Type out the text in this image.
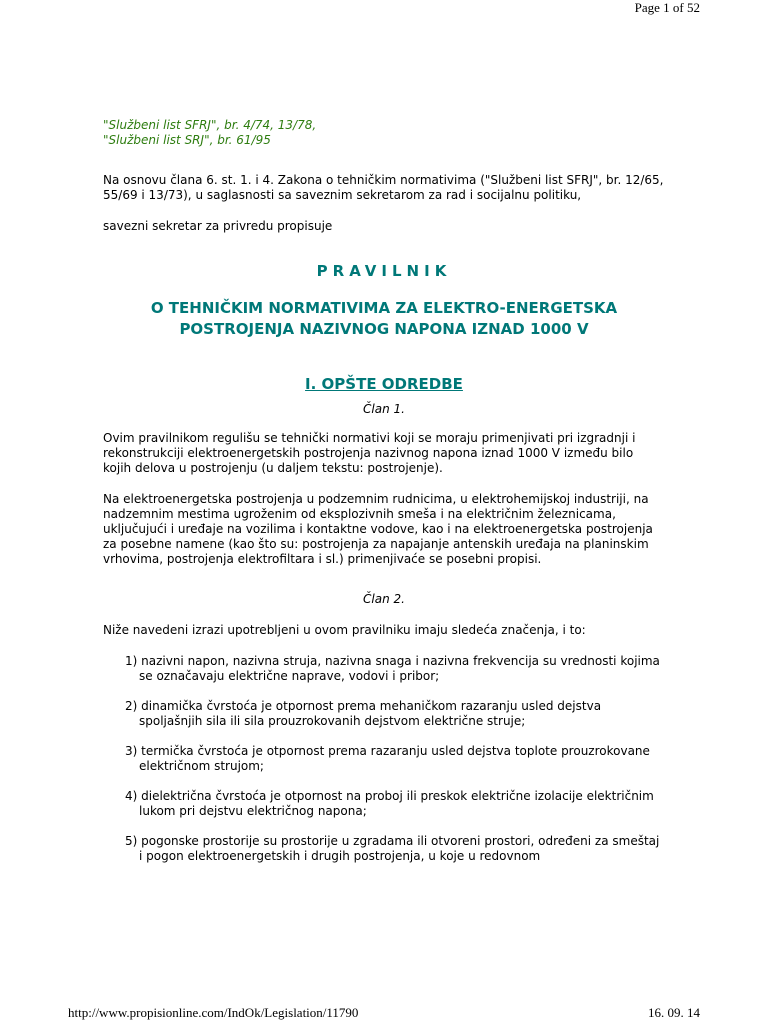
Page 1 of 52
"Službeni list SFRJ", br. 4/74, 13/78,
"Službeni list SRJ", br. 61/95

Na osnovu člana 6. st. 1. i 4. Zakona o tehničkim normativima ("Službeni list SFRJ", br. 12/65, 55/69 i 13/73), u saglasnosti sa saveznim sekretarom za rad i socijalnu politiku,

savezni sekretar za privredu propisuje

PRAVILNIK
O TEHNIČKIM NORMATIVIMA ZA ELEKTRO-ENERGETSKA POSTROJENJA NAZIVNOG NAPONA IZNAD 1000 V
I. OPŠTE ODREDBE
Član 1.

Ovim pravilnikom regulišu se tehnički normativi koji se moraju primenjivati pri izgradnji i rekonstrukciji elektroenergetskih postrojenja nazivnog napona iznad 1000 V između bilo kojih delova u postrojenju (u daljem tekstu: postrojenje).

Na elektroenergetska postrojenja u podzemnim rudnicima, u elektrohemijskoj industriji, na nadzemnim mestima ugroženim od eksplozivnih smeša i na električnim železnicama, uključujući i uređaje na vozilima i kontaktne vodove, kao i na elektroenergetska postrojenja za posebne namene (kao što su: postrojenja za napajanje antenskih uređaja na planinskim vrhovima, postrojenja elektrofiltara i sl.) primenjivaće se posebni propisi.

Član 2.

Niže navedeni izrazi upotrebljeni u ovom pravilniku imaju sledeća značenja, i to:

1) nazivni napon, nazivna struja, nazivna snaga i nazivna frekvencija su vrednosti kojima se označavaju električne naprave, vodovi i pribor;
2) dinamička čvrstoća je otpornost prema mehaničkom razaranju usled dejstva spoljašnjih sila ili sila prouzrokovanih dejstvom električne struje;
3) termička čvrstoća je otpornost prema razaranju usled dejstva toplote prouzrokovane električnom strujom;
4) dielektrična čvrstoća je otpornost na proboj ili preskok električne izolacije električnim lukom pri dejstvu električnog napona;
5) pogonske prostorije su prostorije u zgradama ili otvoreni prostori, određeni za smeštaj i pogon elektroenergetskih i drugih postrojenja, u koje u redovnom
http://www.propisionline.com/IndOk/Legislation/11790	16. 09. 14
